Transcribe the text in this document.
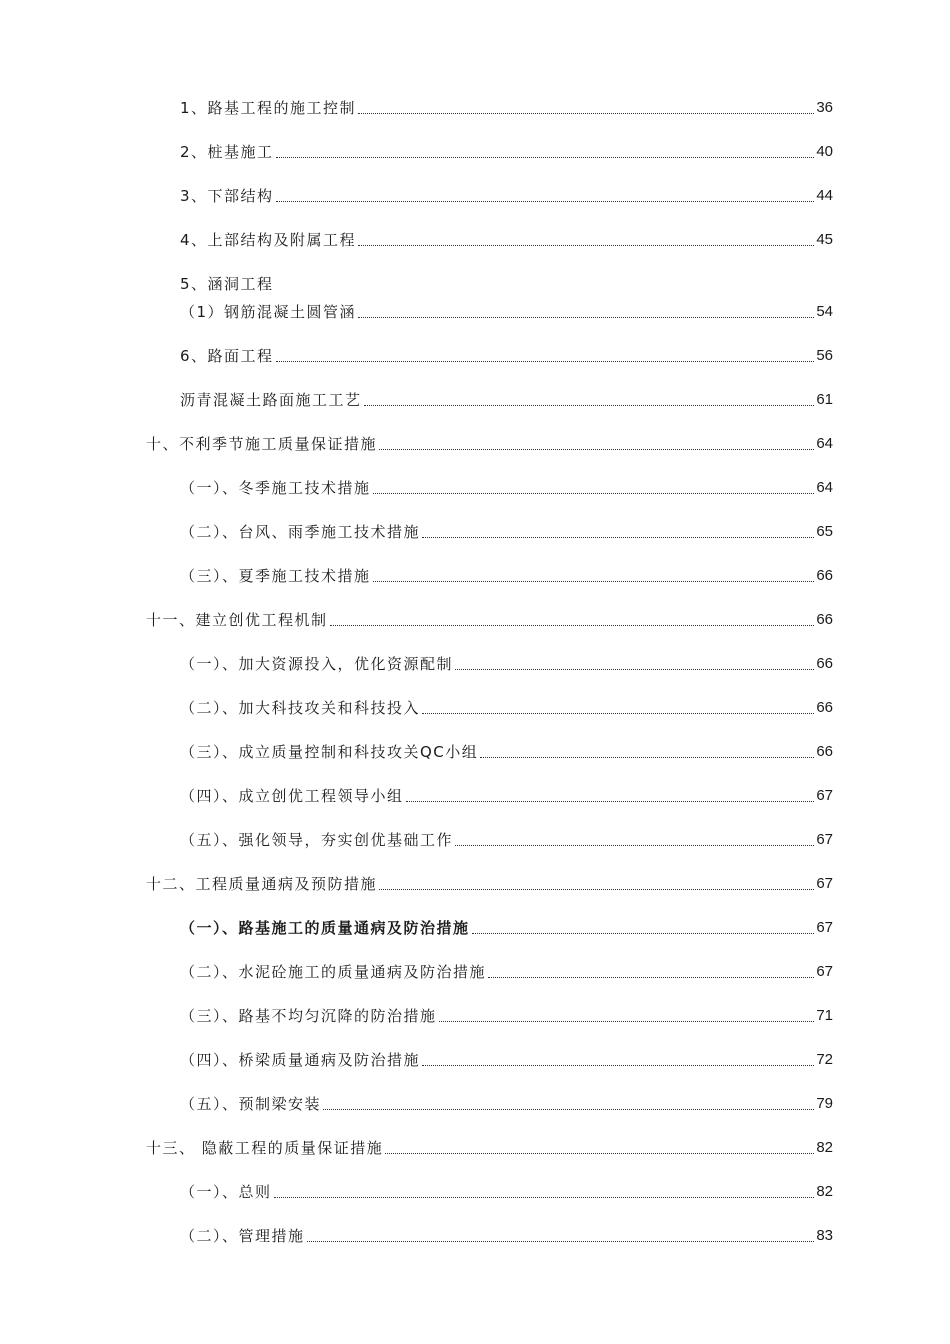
1、路基工程的施工控制	36
2、桩基施工	40
3、下部结构	44
4、上部结构及附属工程	45
5、涵洞工程
（1）钢筋混凝土圆管涵	54
6、路面工程	56
沥青混凝土路面施工工艺	61
十、不利季节施工质量保证措施	64
（一）、冬季施工技术措施	64
（二）、台风、雨季施工技术措施	65
（三）、夏季施工技术措施	66
十一、建立创优工程机制	66
（一）、加大资源投入，优化资源配制	66
（二）、加大科技攻关和科技投入	66
（三）、成立质量控制和科技攻关QC小组	66
（四）、成立创优工程领导小组	67
（五）、强化领导，夯实创优基础工作	67
十二、工程质量通病及预防措施	67
（一）、路基施工的质量通病及防治措施	67
（二）、水泥砼施工的质量通病及防治措施	67
（三）、路基不均匀沉降的防治措施	71
（四）、桥梁质量通病及防治措施	72
（五）、预制梁安装	79
十三、 隐蔽工程的质量保证措施	82
（一）、总则	82
（二）、管理措施	83
